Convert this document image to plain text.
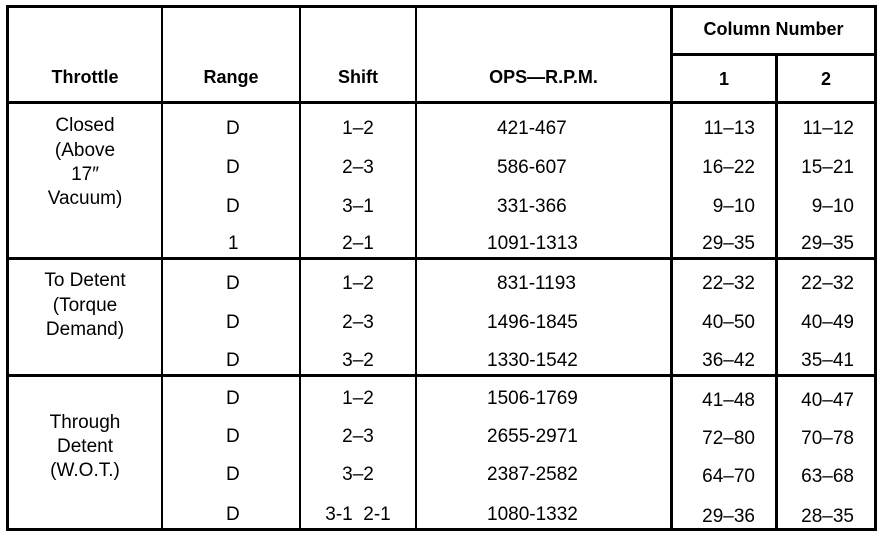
Throttle	Range	Shift	OPS—R.P.M.
Column Number
1	2
Closed
(Above
17″
Vacuum)
D	1–2	421-467	11–13	11–12
D	2–3	586-607	16–22	15–21
D	3–1	331-366	9–10	9–10
1	2–1	1091-1313	29–35	29–35
To Detent
(Torque
Demand)
D	1–2	831-1193	22–32	22–32
D	2–3	1496-1845	40–50	40–49
D	3–2	1330-1542	36–42	35–41
Through
Detent
(W.O.T.)
D	1–2	1506-1769	41–48	40–47
D	2–3	2655-2971	72–80	70–78
D	3–2	2387-2582	64–70	63–68
D	3-1  2-1	1080-1332	29–36	28–35
